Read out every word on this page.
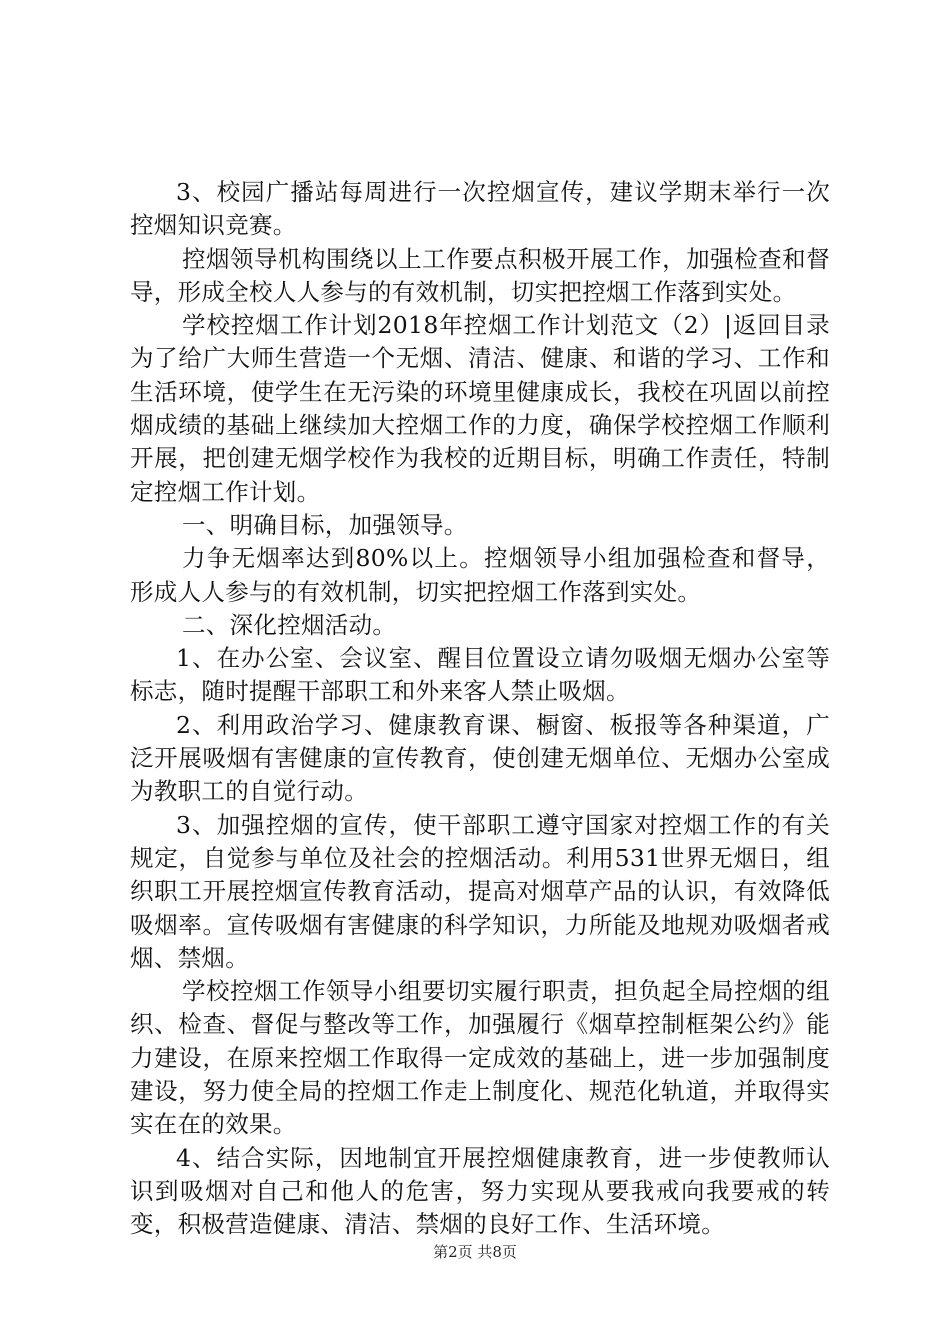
3、校园广播站每周进行一次控烟宣传，建议学期末举行一次控烟知识竞赛。

控烟领导机构围绕以上工作要点积极开展工作，加强检查和督导，形成全校人人参与的有效机制，切实把控烟工作落到实处。

学校控烟工作计划2018年控烟工作计划范文（2）|返回目录为了给广大师生营造一个无烟、清洁、健康、和谐的学习、工作和生活环境，使学生在无污染的环境里健康成长，我校在巩固以前控烟成绩的基础上继续加大控烟工作的力度，确保学校控烟工作顺利开展，把创建无烟学校作为我校的近期目标，明确工作责任，特制定控烟工作计划。

一、明确目标，加强领导。

力争无烟率达到80%以上。控烟领导小组加强检查和督导，形成人人参与的有效机制，切实把控烟工作落到实处。

二、深化控烟活动。

1、在办公室、会议室、醒目位置设立请勿吸烟无烟办公室等标志，随时提醒干部职工和外来客人禁止吸烟。

2、利用政治学习、健康教育课、橱窗、板报等各种渠道，广泛开展吸烟有害健康的宣传教育，使创建无烟单位、无烟办公室成为教职工的自觉行动。

3、加强控烟的宣传，使干部职工遵守国家对控烟工作的有关规定，自觉参与单位及社会的控烟活动。利用531世界无烟日，组织职工开展控烟宣传教育活动，提高对烟草产品的认识，有效降低吸烟率。宣传吸烟有害健康的科学知识，力所能及地规劝吸烟者戒烟、禁烟。

学校控烟工作领导小组要切实履行职责，担负起全局控烟的组织、检查、督促与整改等工作，加强履行《烟草控制框架公约》能力建设，在原来控烟工作取得一定成效的基础上，进一步加强制度建设，努力使全局的控烟工作走上制度化、规范化轨道，并取得实实在在的效果。

4、结合实际，因地制宜开展控烟健康教育，进一步使教师认识到吸烟对自己和他人的危害，努力实现从要我戒向我要戒的转变，积极营造健康、清洁、禁烟的良好工作、生活环境。

第2页 共8页
